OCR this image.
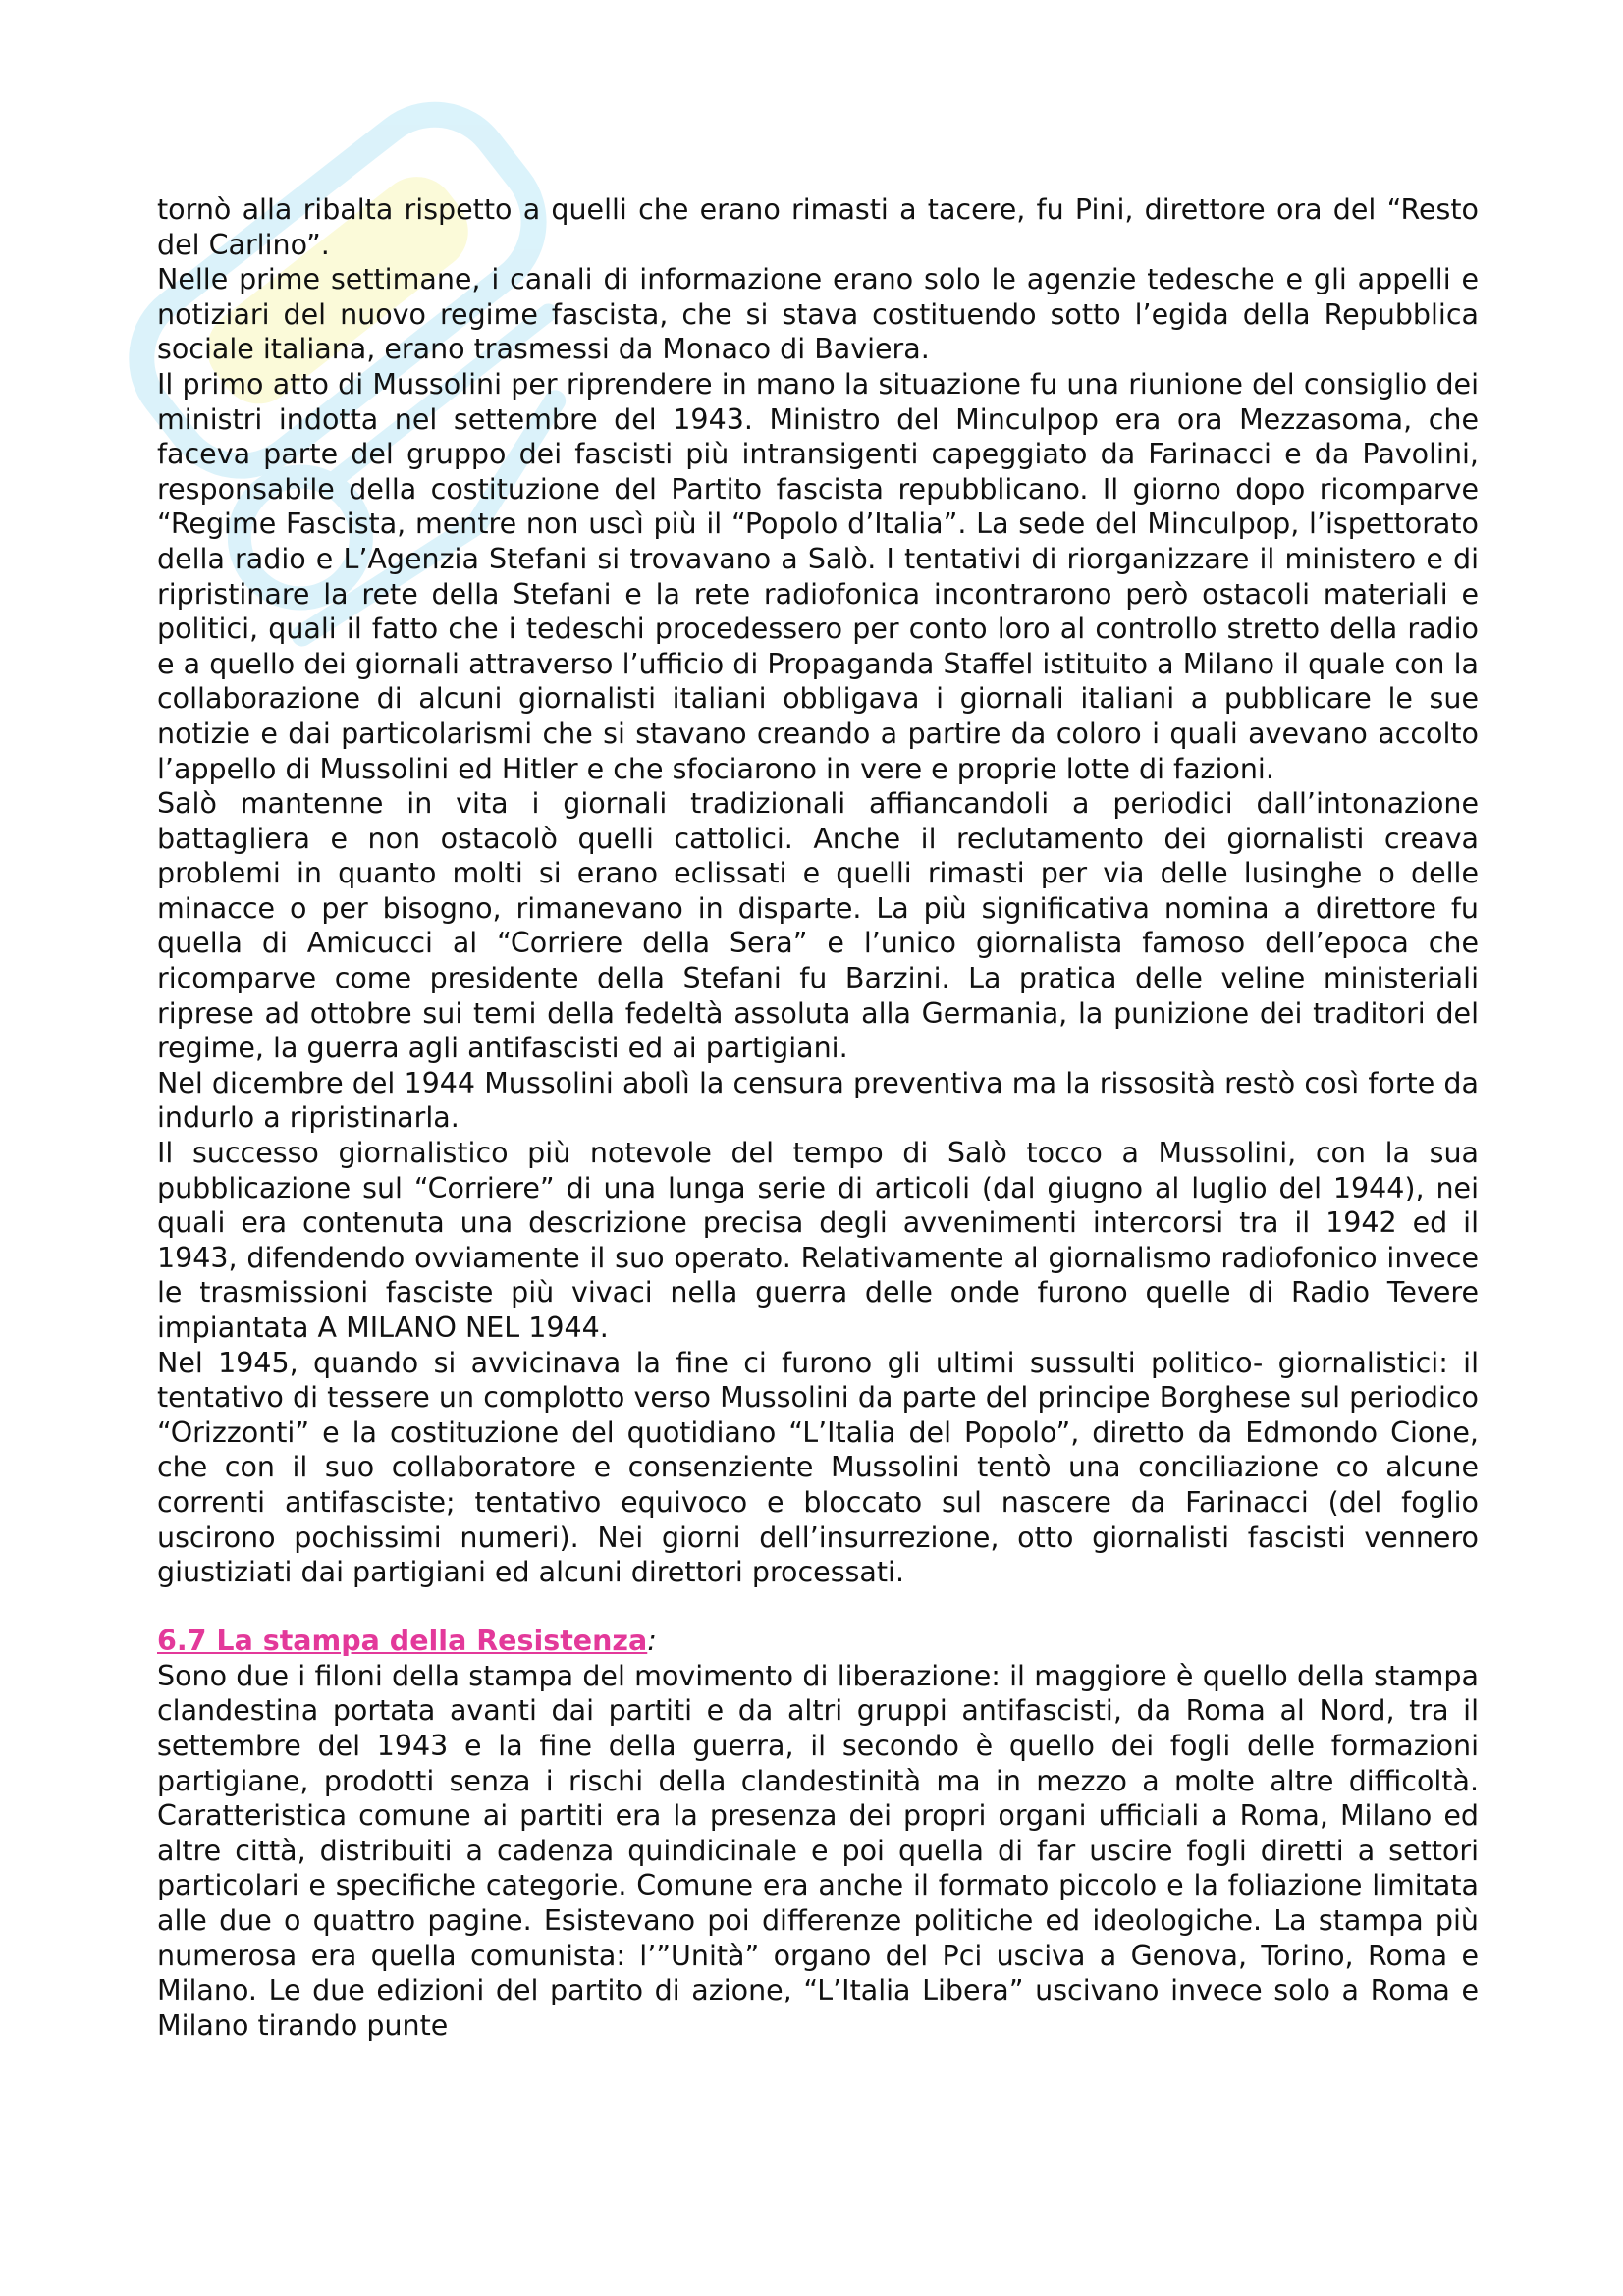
tornò alla ribalta rispetto a quelli che erano rimasti a tacere, fu Pini, direttore ora del “Resto del Carlino”.

Nelle prime settimane, i canali di informazione erano solo le agenzie tedesche e gli appelli e notiziari del nuovo regime fascista, che si stava costituendo sotto l’egida della Repubblica sociale italiana, erano trasmessi da Monaco di Baviera.

Il primo atto di Mussolini per riprendere in mano la situazione fu una riunione del consiglio dei ministri indotta nel settembre del 1943. Ministro del Minculpop era ora Mezzasoma, che faceva parte del gruppo dei fascisti più intransigenti capeggiato da Farinacci e da Pavolini, responsabile della costituzione del Partito fascista repubblicano. Il giorno dopo ricomparve “Regime Fascista, mentre non uscì più il “Popolo d’Italia”. La sede del Minculpop, l’ispettorato della radio e L’Agenzia Stefani si trovavano a Salò. I tentativi di riorganizzare il ministero e di ripristinare la rete della Stefani e la rete radiofonica incontrarono però ostacoli materiali e politici, quali il fatto che i tedeschi procedessero per conto loro al controllo stretto della radio e a quello dei giornali attraverso l’ufficio di Propaganda Staffel istituito a Milano il quale con la collaborazione di alcuni giornalisti italiani obbligava i giornali italiani a pubblicare le sue notizie e dai particolarismi che si stavano creando a partire da coloro i quali avevano accolto l’appello di Mussolini ed Hitler e che sfociarono in vere e proprie lotte di fazioni.

Salò mantenne in vita i giornali tradizionali affiancandoli a periodici dall’intonazione battagliera e non ostacolò quelli cattolici. Anche il reclutamento dei giornalisti creava problemi in quanto molti si erano eclissati e quelli rimasti per via delle lusinghe o delle minacce o per bisogno, rimanevano in disparte. La più significativa nomina a direttore fu quella di Amicucci al “Corriere della Sera” e l’unico giornalista famoso dell’epoca che ricomparve come presidente della Stefani fu Barzini. La pratica delle veline ministeriali riprese ad ottobre sui temi della fedeltà assoluta alla Germania, la punizione dei traditori del regime, la guerra agli antifascisti ed ai partigiani.

Nel dicembre del 1944 Mussolini abolì la censura preventiva ma la rissosità restò così forte da indurlo a ripristinarla.

Il successo giornalistico più notevole del tempo di Salò tocco a Mussolini, con la sua pubblicazione sul “Corriere” di una lunga serie di articoli (dal giugno al luglio del 1944), nei quali era contenuta una descrizione precisa degli avvenimenti intercorsi tra il 1942 ed il 1943, difendendo ovviamente il suo operato. Relativamente al giornalismo radiofonico invece le trasmissioni fasciste più vivaci nella guerra delle onde furono quelle di Radio Tevere impiantata A MILANO NEL 1944.

Nel 1945, quando si avvicinava la fine ci furono gli ultimi sussulti politico- giornalistici: il tentativo di tessere un complotto verso Mussolini da parte del principe Borghese sul periodico “Orizzonti” e la costituzione del quotidiano “L’Italia del Popolo”, diretto da Edmondo Cione, che con il suo collaboratore e consenziente Mussolini tentò una conciliazione co alcune correnti antifasciste; tentativo equivoco e bloccato sul nascere da Farinacci (del foglio uscirono pochissimi numeri). Nei giorni dell’insurrezione, otto giornalisti fascisti vennero giustiziati dai partigiani ed alcuni direttori processati.

6.7 La stampa della Resistenza:

Sono due i filoni della stampa del movimento di liberazione: il maggiore è quello della stampa clandestina portata avanti dai partiti e da altri gruppi antifascisti, da Roma al Nord, tra il settembre del 1943 e la fine della guerra, il secondo è quello dei fogli delle formazioni partigiane, prodotti senza i rischi della clandestinità ma in mezzo a molte altre difficoltà. Caratteristica comune ai partiti era la presenza dei propri organi ufficiali a Roma, Milano ed altre città, distribuiti a cadenza quindicinale e poi quella di far uscire fogli diretti a settori particolari e specifiche categorie. Comune era anche il formato piccolo e la foliazione limitata alle due o quattro pagine. Esistevano poi differenze politiche ed ideologiche. La stampa più numerosa era quella comunista: l’”Unità” organo del Pci usciva a Genova, Torino, Roma e Milano. Le due edizioni del partito di azione, “L’Italia Libera” uscivano invece solo a Roma e Milano tirando punte
